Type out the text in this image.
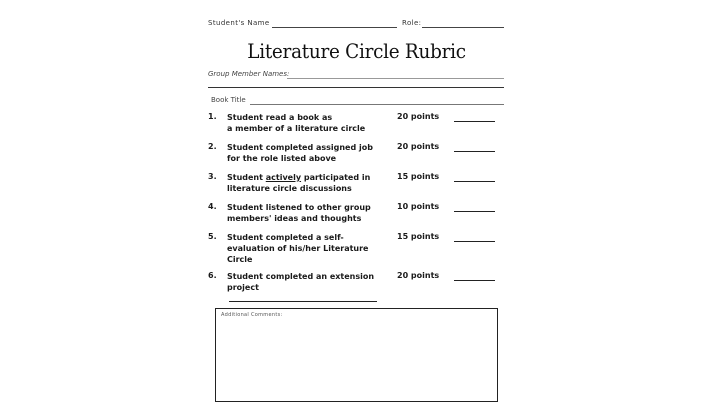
Student's Name	Role:
Literature Circle Rubric
Group Member Names:
Book Title
1. Student read a book as
a member of a literature circle
20 points
2. Student completed assigned job
for the role listed above
20 points
3. Student actively participated in
literature circle discussions
15 points
4. Student listened to other group
members' ideas and thoughts
10 points
5. Student completed a self-
evaluation of his/her Literature
Circle
15 points
6. Student completed an extension
project
20 points
Additional Comments:
